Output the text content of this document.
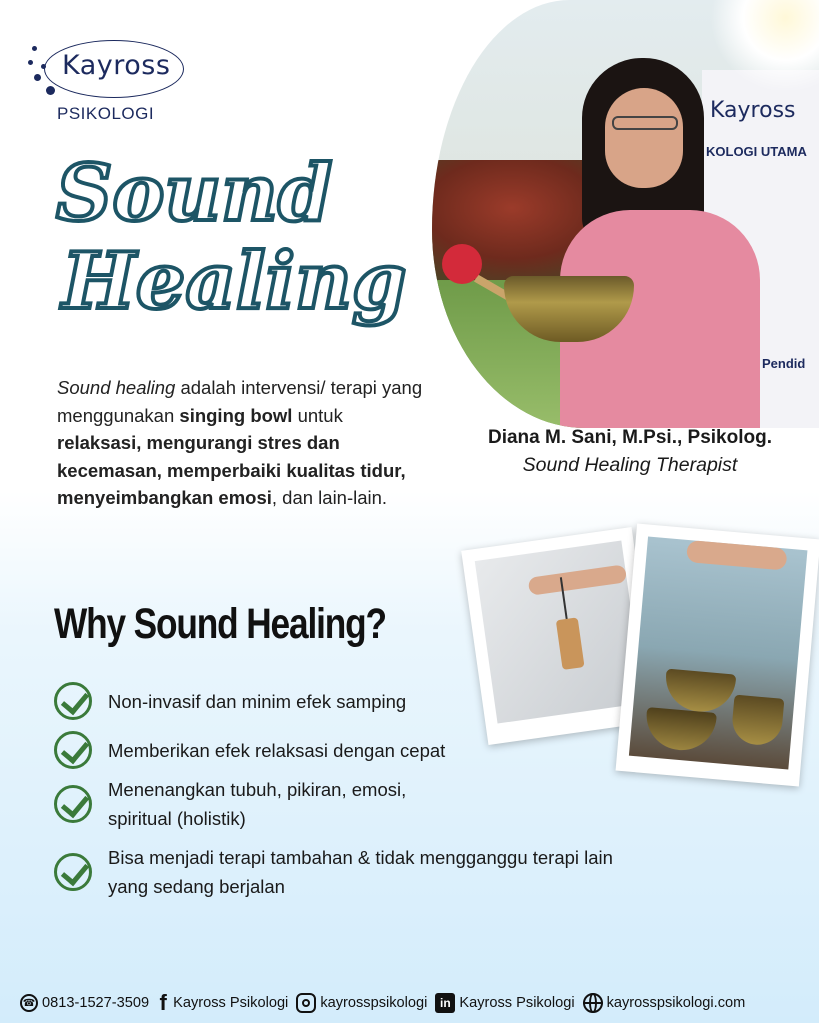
Kayross
PSIKOLOGI
Sound
Healing
Sound healing adalah intervensi/ terapi yang menggunakan singing bowl untuk relaksasi, mengurangi stres dan kecemasan, memperbaiki kualitas tidur, menyeimbangkan emosi, dan lain-lain.
Kayross
KOLOGI UTAMA
Pendid
Diana M. Sani, M.Psi., Psikolog.
Sound Healing Therapist
Why Sound Healing?
Non-invasif dan minim efek samping
Memberikan efek relaksasi dengan cepat
Menenangkan tubuh, pikiran, emosi, spiritual (holistik)
Bisa menjadi terapi tambahan & tidak mengganggu terapi lain yang sedang berjalan
☎ 0813-1527-3509 f Kayross Psikologi kayrosspsikologi	in Kayross Psikologi kayrosspsikologi.com
